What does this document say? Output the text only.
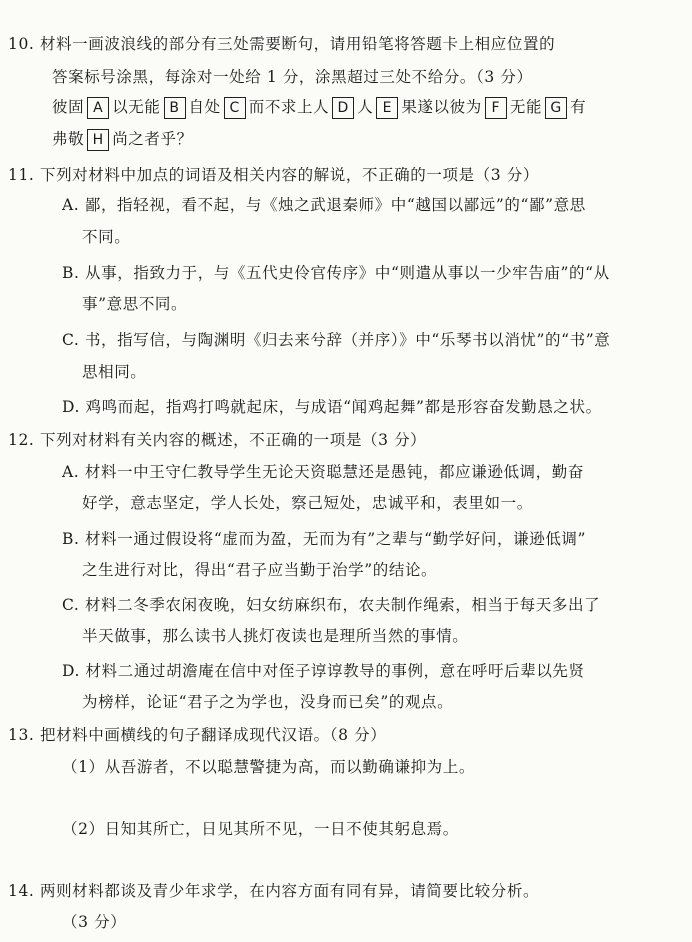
10. 材料一画波浪线的部分有三处需要断句，请用铅笔将答题卡上相应位置的
答案标号涂黑，每涂对一处给 1 分，涂黑超过三处不给分。（3 分）
彼固 A 以无能 B 自处 C 而不求上人 D 人 E 果遂以彼为 F 无能 G 有
弗敬 H 尚之者乎？
11. 下列对材料中加点的词语及相关内容的解说，不正确的一项是（3 分）
A. 鄙，指轻视，看不起，与《烛之武退秦师》中“越国以鄙远”的“鄙”意思
不同。
B. 从事，指致力于，与《五代史伶官传序》中“则遣从事以一少牢告庙”的“从
事”意思不同。
C. 书，指写信，与陶渊明《归去来兮辞（并序）》中“乐琴书以消忧”的“书”意
思相同。
D. 鸡鸣而起，指鸡打鸣就起床，与成语“闻鸡起舞”都是形容奋发勤恳之状。
12. 下列对材料有关内容的概述，不正确的一项是（3 分）
A. 材料一中王守仁教导学生无论天资聪慧还是愚钝，都应谦逊低调，勤奋
好学，意志坚定，学人长处，察己短处，忠诚平和，表里如一。
B. 材料一通过假设将“虚而为盈，无而为有”之辈与“勤学好问，谦逊低调”
之生进行对比，得出“君子应当勤于治学”的结论。
C. 材料二冬季农闲夜晚，妇女纺麻织布，农夫制作绳索，相当于每天多出了
半天做事，那么读书人挑灯夜读也是理所当然的事情。
D. 材料二通过胡澹庵在信中对侄子谆谆教导的事例，意在呼吁后辈以先贤
为榜样，论证“君子之为学也，没身而已矣”的观点。
13. 把材料中画横线的句子翻译成现代汉语。（8 分）
（1）从吾游者，不以聪慧警捷为高，而以勤确谦抑为上。
（2）日知其所亡，日见其所不见，一日不使其躬息焉。
14. 两则材料都谈及青少年求学，在内容方面有同有异，请简要比较分析。
（3 分）
